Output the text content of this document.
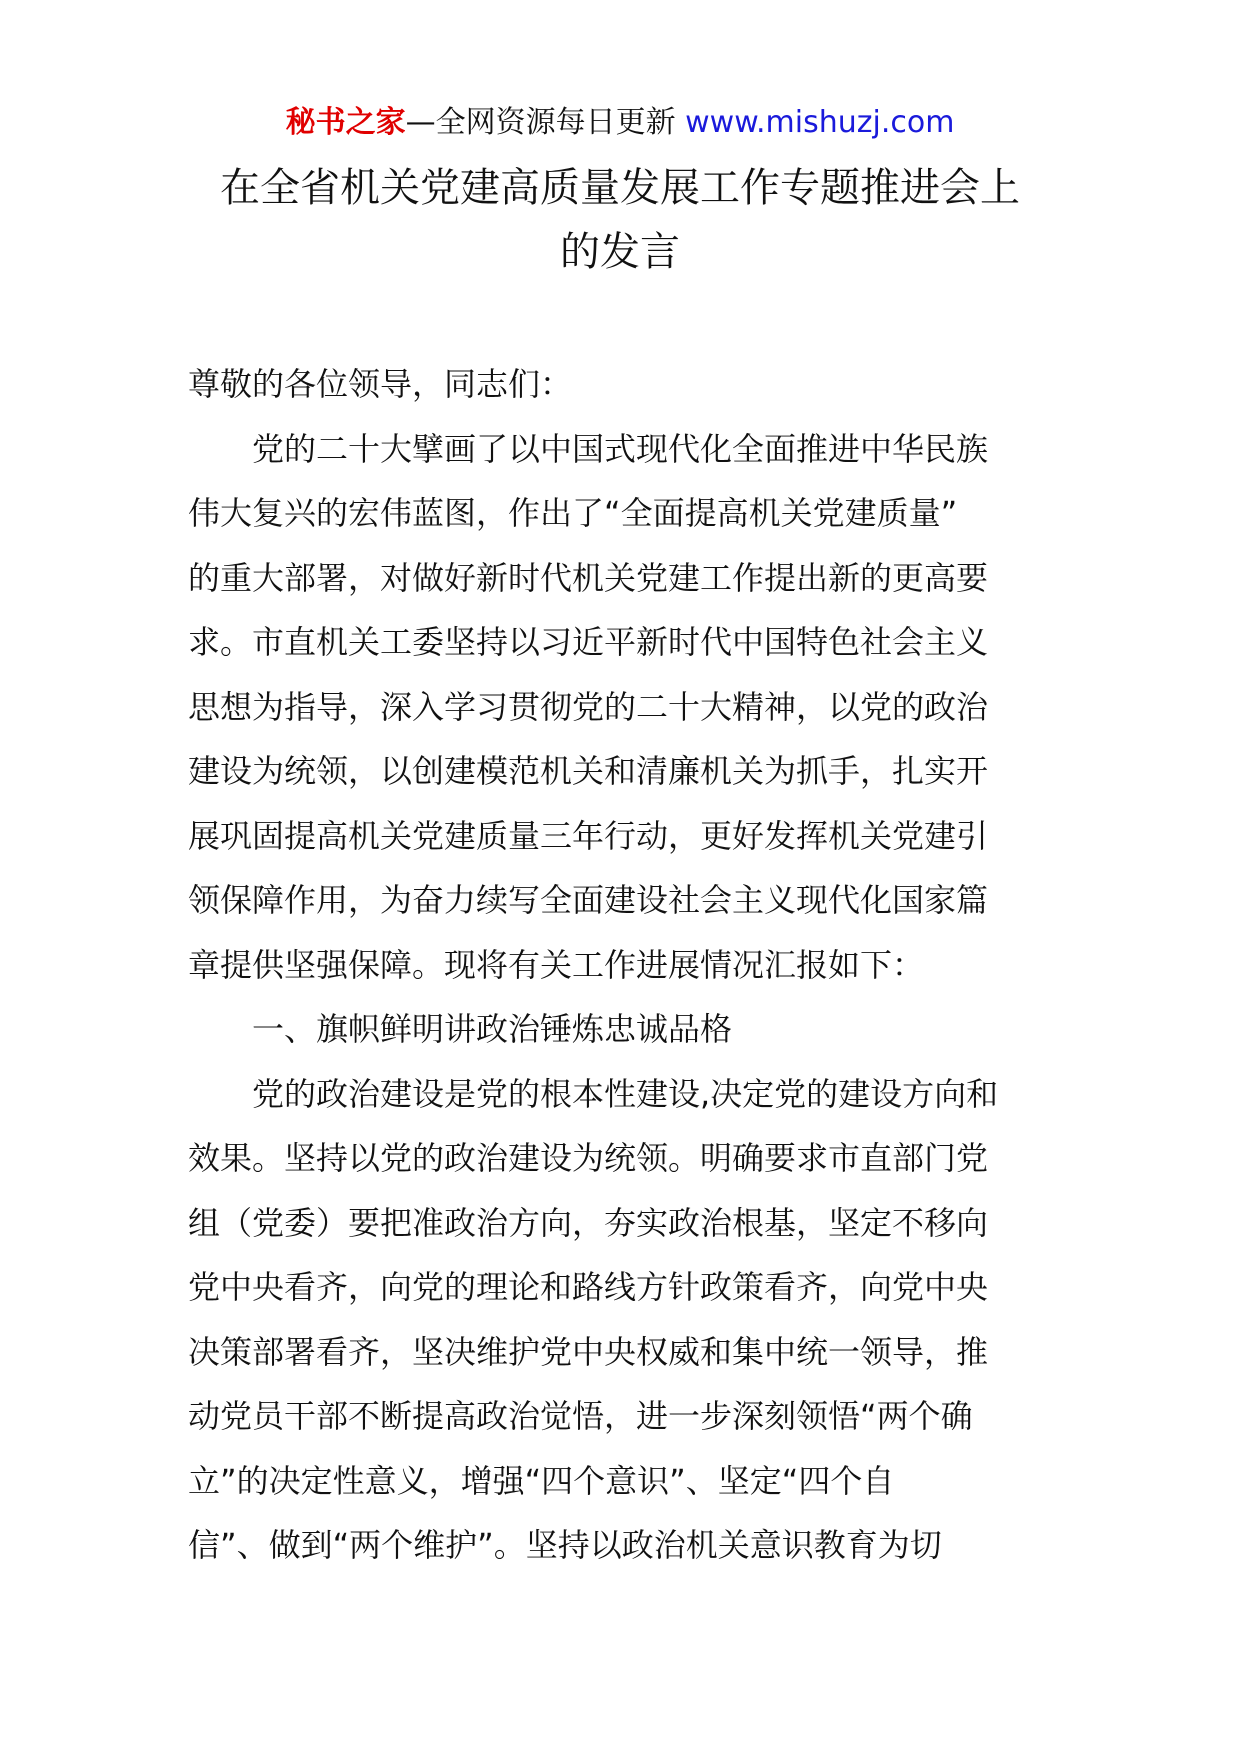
秘书之家—全网资源每日更新 www.mishuzj.com
在全省机关党建高质量发展工作专题推进会上
的发言

尊敬的各位领导，同志们：

党的二十大擘画了以中国式现代化全面推进中华民族

伟大复兴的宏伟蓝图，作出了“全面提高机关党建质量”

的重大部署，对做好新时代机关党建工作提出新的更高要

求。市直机关工委坚持以习近平新时代中国特色社会主义

思想为指导，深入学习贯彻党的二十大精神，以党的政治

建设为统领，以创建模范机关和清廉机关为抓手，扎实开

展巩固提高机关党建质量三年行动，更好发挥机关党建引

领保障作用，为奋力续写全面建设社会主义现代化国家篇

章提供坚强保障。现将有关工作进展情况汇报如下：

一、旗帜鲜明讲政治锤炼忠诚品格

党的政治建设是党的根本性建设,决定党的建设方向和

效果。坚持以党的政治建设为统领。明确要求市直部门党

组（党委）要把准政治方向，夯实政治根基，坚定不移向

党中央看齐，向党的理论和路线方针政策看齐，向党中央

决策部署看齐，坚决维护党中央权威和集中统一领导，推

动党员干部不断提高政治觉悟，进一步深刻领悟“两个确

立”的决定性意义，增强“四个意识”、坚定“四个自

信”、做到“两个维护”。坚持以政治机关意识教育为切
